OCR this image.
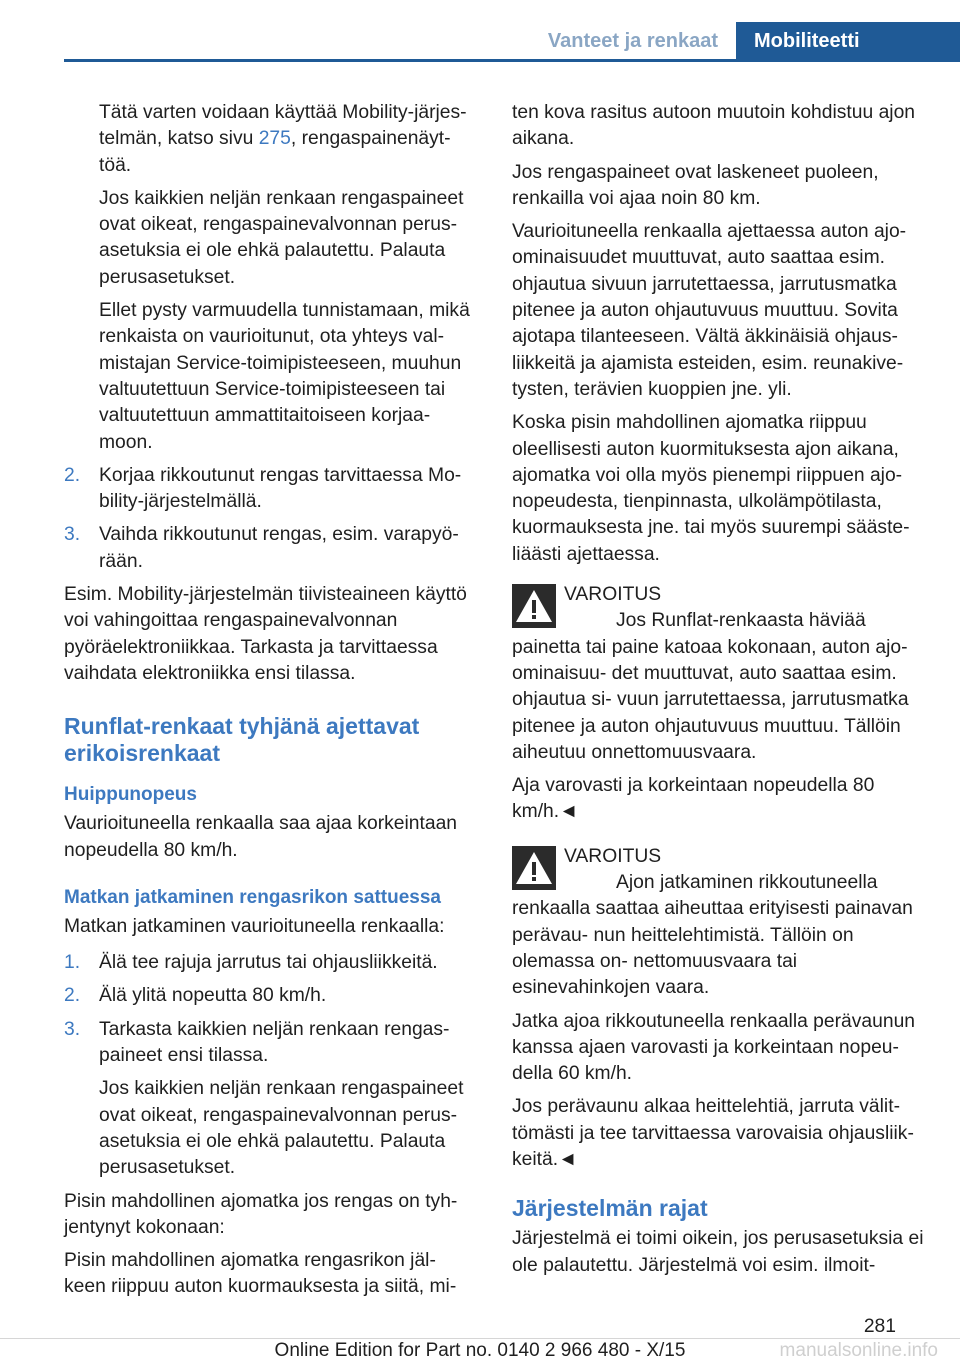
Vanteet ja renkaat	Mobiliteetti

Tätä varten voidaan käyttää Mobility‐järjes‐ telmän, katso sivu 275, rengaspainenäyt‐ töä.

Jos kaikkien neljän renkaan rengaspaineet ovat oikeat, rengaspainevalvonnan perus‐ asetuksia ei ole ehkä palautettu. Palauta perusasetukset.

Ellet pysty varmuudella tunnistamaan, mikä renkaista on vaurioitunut, ota yhteys val‐ mistajan Service-toimipisteeseen, muuhun valtuutettuun Service-toimipisteeseen tai valtuutettuun ammattitaitoiseen korjaa‐ moon.

2. Korjaa rikkoutunut rengas tarvittaessa Mo‐ bility-järjestelmällä.
3. Vaihda rikkoutunut rengas, esim. varapyö‐ rään.

Esim. Mobility-järjestelmän tiivisteaineen käyttö voi vahingoittaa rengaspainevalvonnan pyöräelektroniikkaa. Tarkasta ja tarvittaessa vaihdata elektroniikka ensi tilassa.

Runflat-renkaat tyhjänä ajettavat erikoisrenkaat
Huippunopeus

Vaurioituneella renkaalla saa ajaa korkeintaan nopeudella 80 km/h.

Matkan jatkaminen rengasrikon sattuessa

Matkan jatkaminen vaurioituneella renkaalla:

1. Älä tee rajuja jarrutus tai ohjausliikkeitä.
2. Älä ylitä nopeutta 80 km/h.
3. Tarkasta kaikkien neljän renkaan rengas‐ paineet ensi tilassa.

Jos kaikkien neljän renkaan rengaspaineet ovat oikeat, rengaspainevalvonnan perus‐ asetuksia ei ole ehkä palautettu. Palauta perusasetukset.

Pisin mahdollinen ajomatka jos rengas on tyh‐ jentynyt kokonaan:

Pisin mahdollinen ajomatka rengasrikon jäl‐ keen riippuu auton kuormauksesta ja siitä, mi‐

ten kova rasitus autoon muutoin kohdistuu ajon aikana.

Jos rengaspaineet ovat laskeneet puoleen, renkailla voi ajaa noin 80 km.

Vaurioituneella renkaalla ajettaessa auton ajo‐ ominaisuudet muuttuvat, auto saattaa esim. ohjautua sivuun jarrutettaessa, jarrutusmatka pitenee ja auton ohjautuvuus muuttuu. Sovita ajotapa tilanteeseen. Vältä äkkinäisiä ohjaus‐ liikkeitä ja ajamista esteiden, esim. reunakive‐ tysten, terävien kuoppien jne. yli.

Koska pisin mahdollinen ajomatka riippuu oleellisesti auton kuormituksesta ajon aikana, ajomatka voi olla myös pienempi riippuen ajo‐ nopeudesta, tienpinnasta, ulkolämpötilasta, kuormauksesta jne. tai myös suurempi sääste‐ liäästi ajettaessa.

VAROITUS
Jos Runflat-renkaasta häviää painetta tai paine katoaa kokonaan, auton ajo-ominaisuu‐ det muuttuvat, auto saattaa esim. ohjautua si‐ vuun jarrutettaessa, jarrutusmatka pitenee ja auton ohjautuvuus muuttuu. Tällöin aiheutuu onnettomuusvaara.

Aja varovasti ja korkeintaan nopeudella 80 km/h.◄

VAROITUS
Ajon jatkaminen rikkoutuneella renkaalla saattaa aiheuttaa erityisesti painavan perävau‐ nun heittelehtimistä. Tällöin on olemassa on‐ nettomuusvaara tai esinevahinkojen vaara.

Jatka ajoa rikkoutuneella renkaalla perävaunun kanssa ajaen varovasti ja korkeintaan nopeu‐ della 60 km/h.

Jos perävaunu alkaa heittelehtiä, jarruta välit‐ tömästi ja tee tarvittaessa varovaisia ohjausliik‐ keitä.◄

Järjestelmän rajat

Järjestelmä ei toimi oikein, jos perusasetuksia ei ole palautettu. Järjestelmä voi esim. ilmoit‐

281
Online Edition for Part no. 0140 2 966 480 - X/15	manualsonline.info
